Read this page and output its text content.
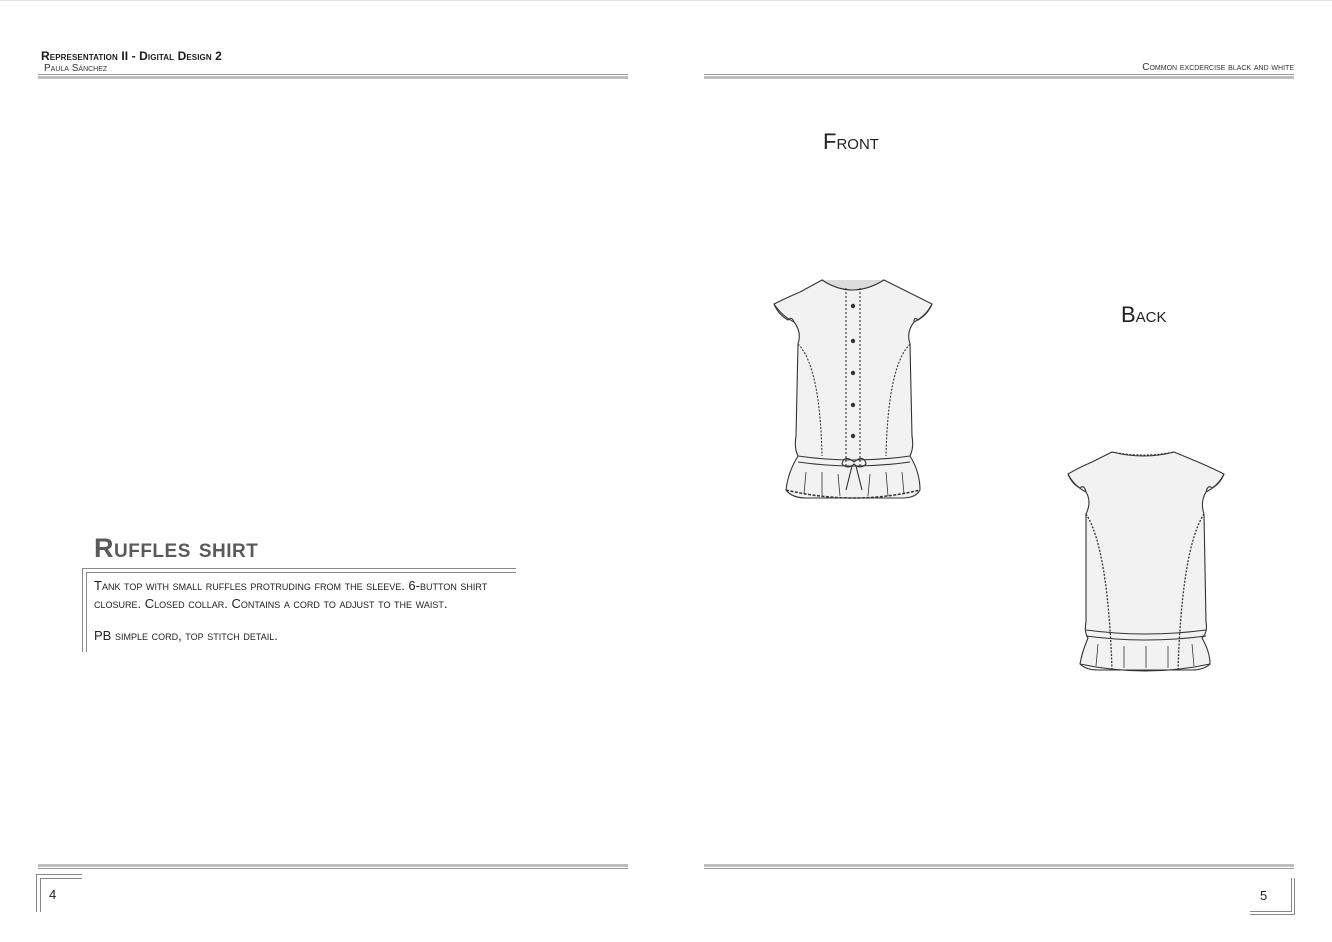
Representation II - Digital Design 2
Paula Sánchez
Ruffles shirt

Tank top with small ruffles protruding from the sleeve. 6-button shirt closure. Closed collar. Contains a cord to adjust to the waist.

PB simple cord, top stitch detail.

4
Common excdercise black and white
Front
Back
5
